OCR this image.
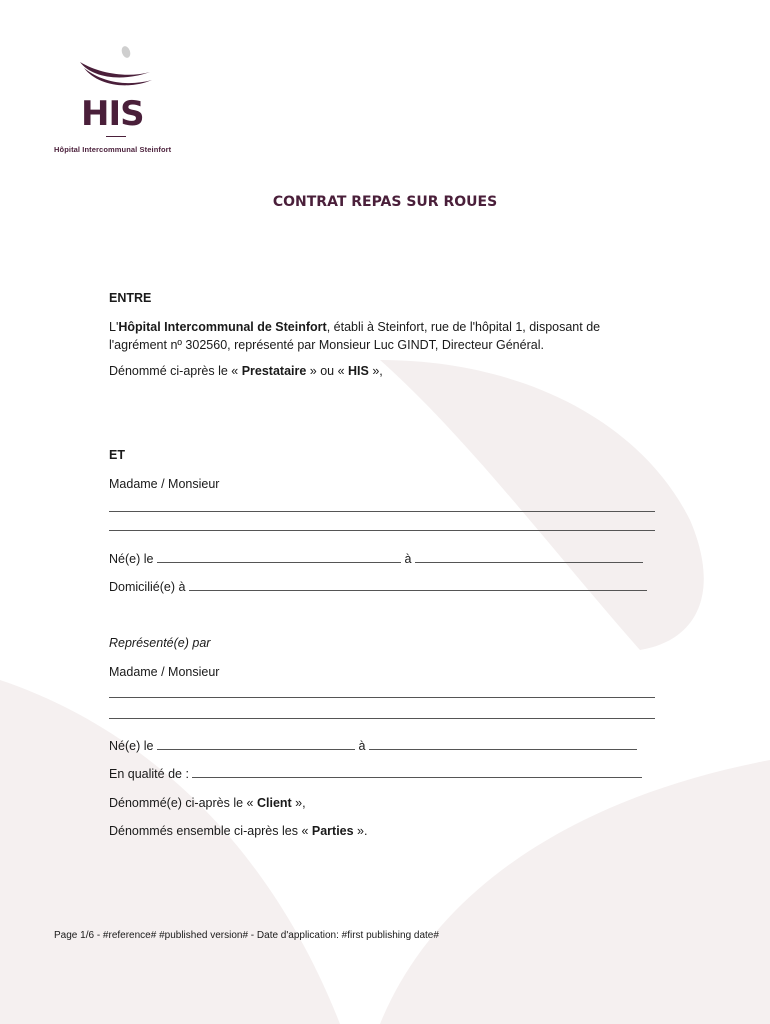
HIS
Hôpital Intercommunal Steinfort
CONTRAT REPAS SUR ROUES
ENTRE
L'Hôpital Intercommunal de Steinfort, établi à Steinfort, rue de l'hôpital 1, disposant de
l'agrément nº 302560, représenté par Monsieur Luc GINDT, Directeur Général.
Dénommé ci-après le « Prestataire » ou « HIS »,
ET
Madame / Monsieur
Né(e) le	à
Domicilié(e) à
Représenté(e) par
Madame / Monsieur
Né(e) le	à
En qualité de :
Dénommé(e) ci-après le « Client »,
Dénommés ensemble ci-après les « Parties ».
Page 1/6 - #reference# #published version# - Date d'application: #first publishing date#
